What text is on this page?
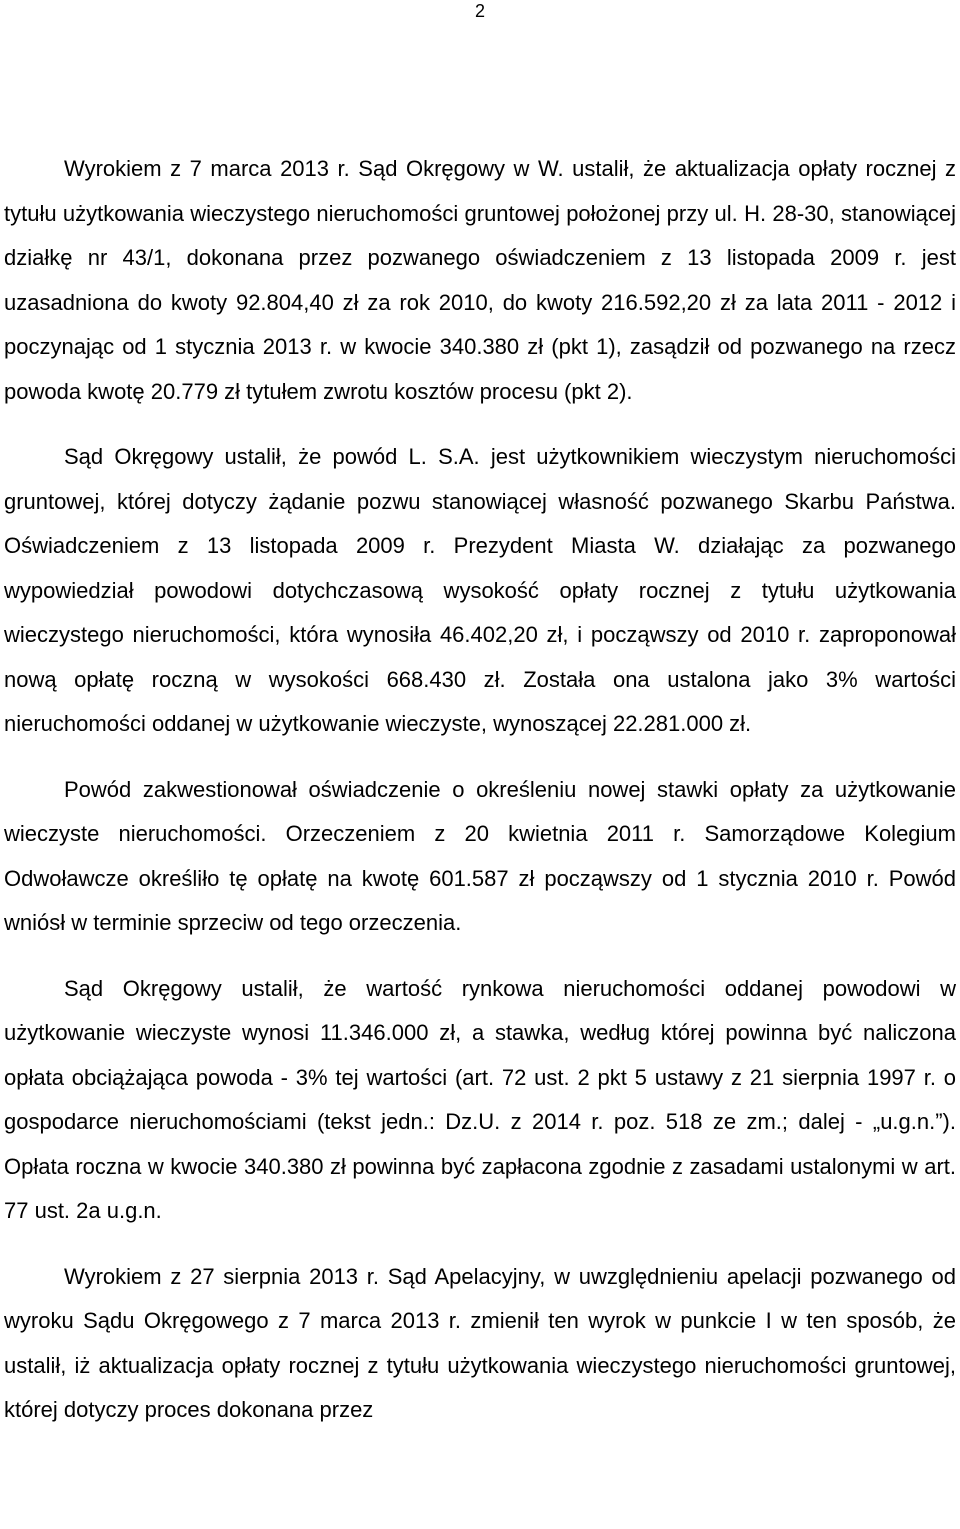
2

Wyrokiem z 7 marca 2013 r. Sąd Okręgowy w W. ustalił, że aktualizacja opłaty rocznej z tytułu użytkowania wieczystego nieruchomości gruntowej położonej przy ul. H. 28-30, stanowiącej działkę nr 43/1, dokonana przez pozwanego oświadczeniem z 13 listopada 2009 r. jest uzasadniona do kwoty 92.804,40 zł za rok 2010, do kwoty 216.592,20 zł za lata 2011 - 2012 i poczynając od 1 stycznia 2013 r. w kwocie 340.380 zł (pkt 1), zasądził od pozwanego na rzecz powoda kwotę 20.779 zł tytułem zwrotu kosztów procesu (pkt 2).

Sąd Okręgowy ustalił, że powód L. S.A. jest użytkownikiem wieczystym nieruchomości gruntowej, której dotyczy żądanie pozwu stanowiącej własność pozwanego Skarbu Państwa. Oświadczeniem z 13 listopada 2009 r. Prezydent Miasta W. działając za pozwanego wypowiedział powodowi dotychczasową wysokość opłaty rocznej z tytułu użytkowania wieczystego nieruchomości, która wynosiła 46.402,20 zł, i począwszy od 2010 r. zaproponował nową opłatę roczną w wysokości 668.430 zł. Została ona ustalona jako 3% wartości nieruchomości oddanej w użytkowanie wieczyste, wynoszącej 22.281.000 zł.

Powód zakwestionował oświadczenie o określeniu nowej stawki opłaty za użytkowanie wieczyste nieruchomości. Orzeczeniem z 20 kwietnia 2011 r. Samorządowe Kolegium Odwoławcze określiło tę opłatę na kwotę 601.587 zł począwszy od 1 stycznia 2010 r. Powód wniósł w terminie sprzeciw od tego orzeczenia.

Sąd Okręgowy ustalił, że wartość rynkowa nieruchomości oddanej powodowi w użytkowanie wieczyste wynosi 11.346.000 zł, a stawka, według której powinna być naliczona opłata obciążająca powoda - 3% tej wartości (art. 72 ust. 2 pkt 5 ustawy z 21 sierpnia 1997 r. o gospodarce nieruchomościami (tekst jedn.: Dz.U. z 2014 r. poz. 518 ze zm.; dalej - „u.g.n.”). Opłata roczna w kwocie 340.380 zł powinna być zapłacona zgodnie z zasadami ustalonymi w art. 77 ust. 2a u.g.n.

Wyrokiem z 27 sierpnia 2013 r. Sąd Apelacyjny, w uwzględnieniu apelacji pozwanego od wyroku Sądu Okręgowego z 7 marca 2013 r. zmienił ten wyrok w punkcie I w ten sposób, że ustalił, iż aktualizacja opłaty rocznej z tytułu użytkowania wieczystego nieruchomości gruntowej, której dotyczy proces dokonana przez
